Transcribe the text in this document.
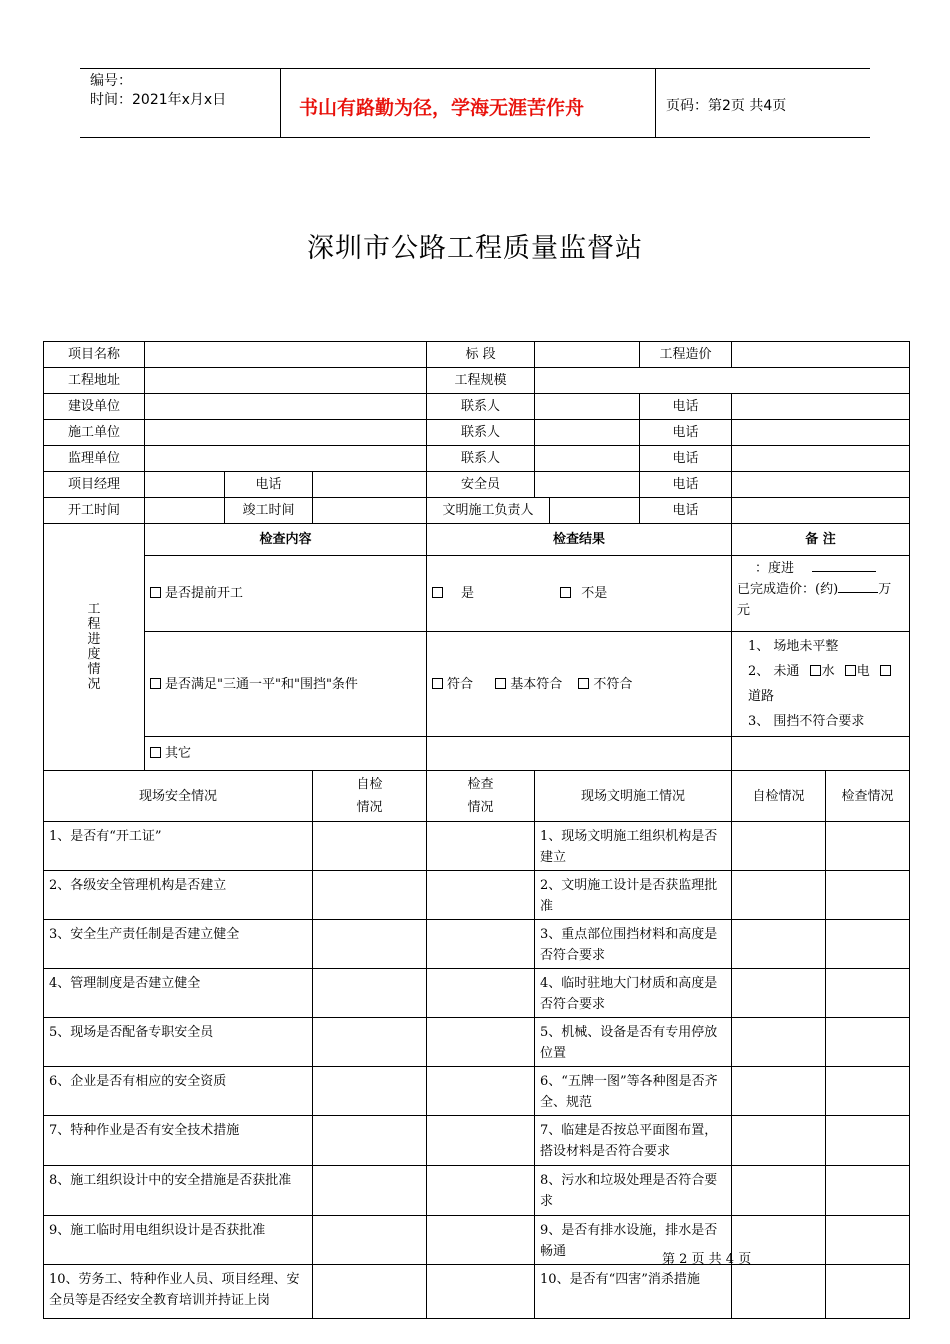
编号：
时间：2021年x月x日	书山有路勤为径，学海无涯苦作舟	页码：第2页 共4页
深圳市公路工程质量监督站
项目名称				标 段			工程造价		
工程地址				工程规模					
建设单位				联系人			电话		
施工单位				联系人			电话		
监理单位				联系人			电话		
项目经理		电话		安全员			电话		
开工时间		竣工时间		文明施工负责人			电话		

工程进度情况	检查内容			检查结果				备 注	
	是否提前开工			是 不是				：度进
已完成造价：(约) 万元	

	是否满足"三通一平"和"围挡"条件			符合 基本符合 不符合				1、 场地未平整
2、 未通 水 电 道路
3、 围挡不符合要求	

	其它								

现场安全情况			自检情况	检查情况	现场文明施工情况			自检情况	检查情况
1、是否有“开工证”					1、现场文明施工组织机构是否建立				
2、各级安全管理机构是否建立					2、文明施工设计是否获监理批准				
3、安全生产责任制是否建立健全					3、重点部位围挡材料和高度是否符合要求				
4、管理制度是否建立健全					4、临时驻地大门材质和高度是否符合要求				
5、现场是否配备专职安全员					5、机械、设备是否有专用停放位置				
6、企业是否有相应的安全资质					6、“五牌一图”等各种图是否齐全、规范				
7、特种作业是否有安全技术措施					7、临建是否按总平面图布置，搭设材料是否符合要求				
8、施工组织设计中的安全措施是否获批准					8、污水和垃圾处理是否符合要求				
9、施工临时用电组织设计是否获批准					9、是否有排水设施，排水是否畅通				
10、劳务工、特种作业人员、项目经理、安全员等是否经安全教育培训并持证上岗					10、是否有“四害”消杀措施				
第 2 页 共 4 页
